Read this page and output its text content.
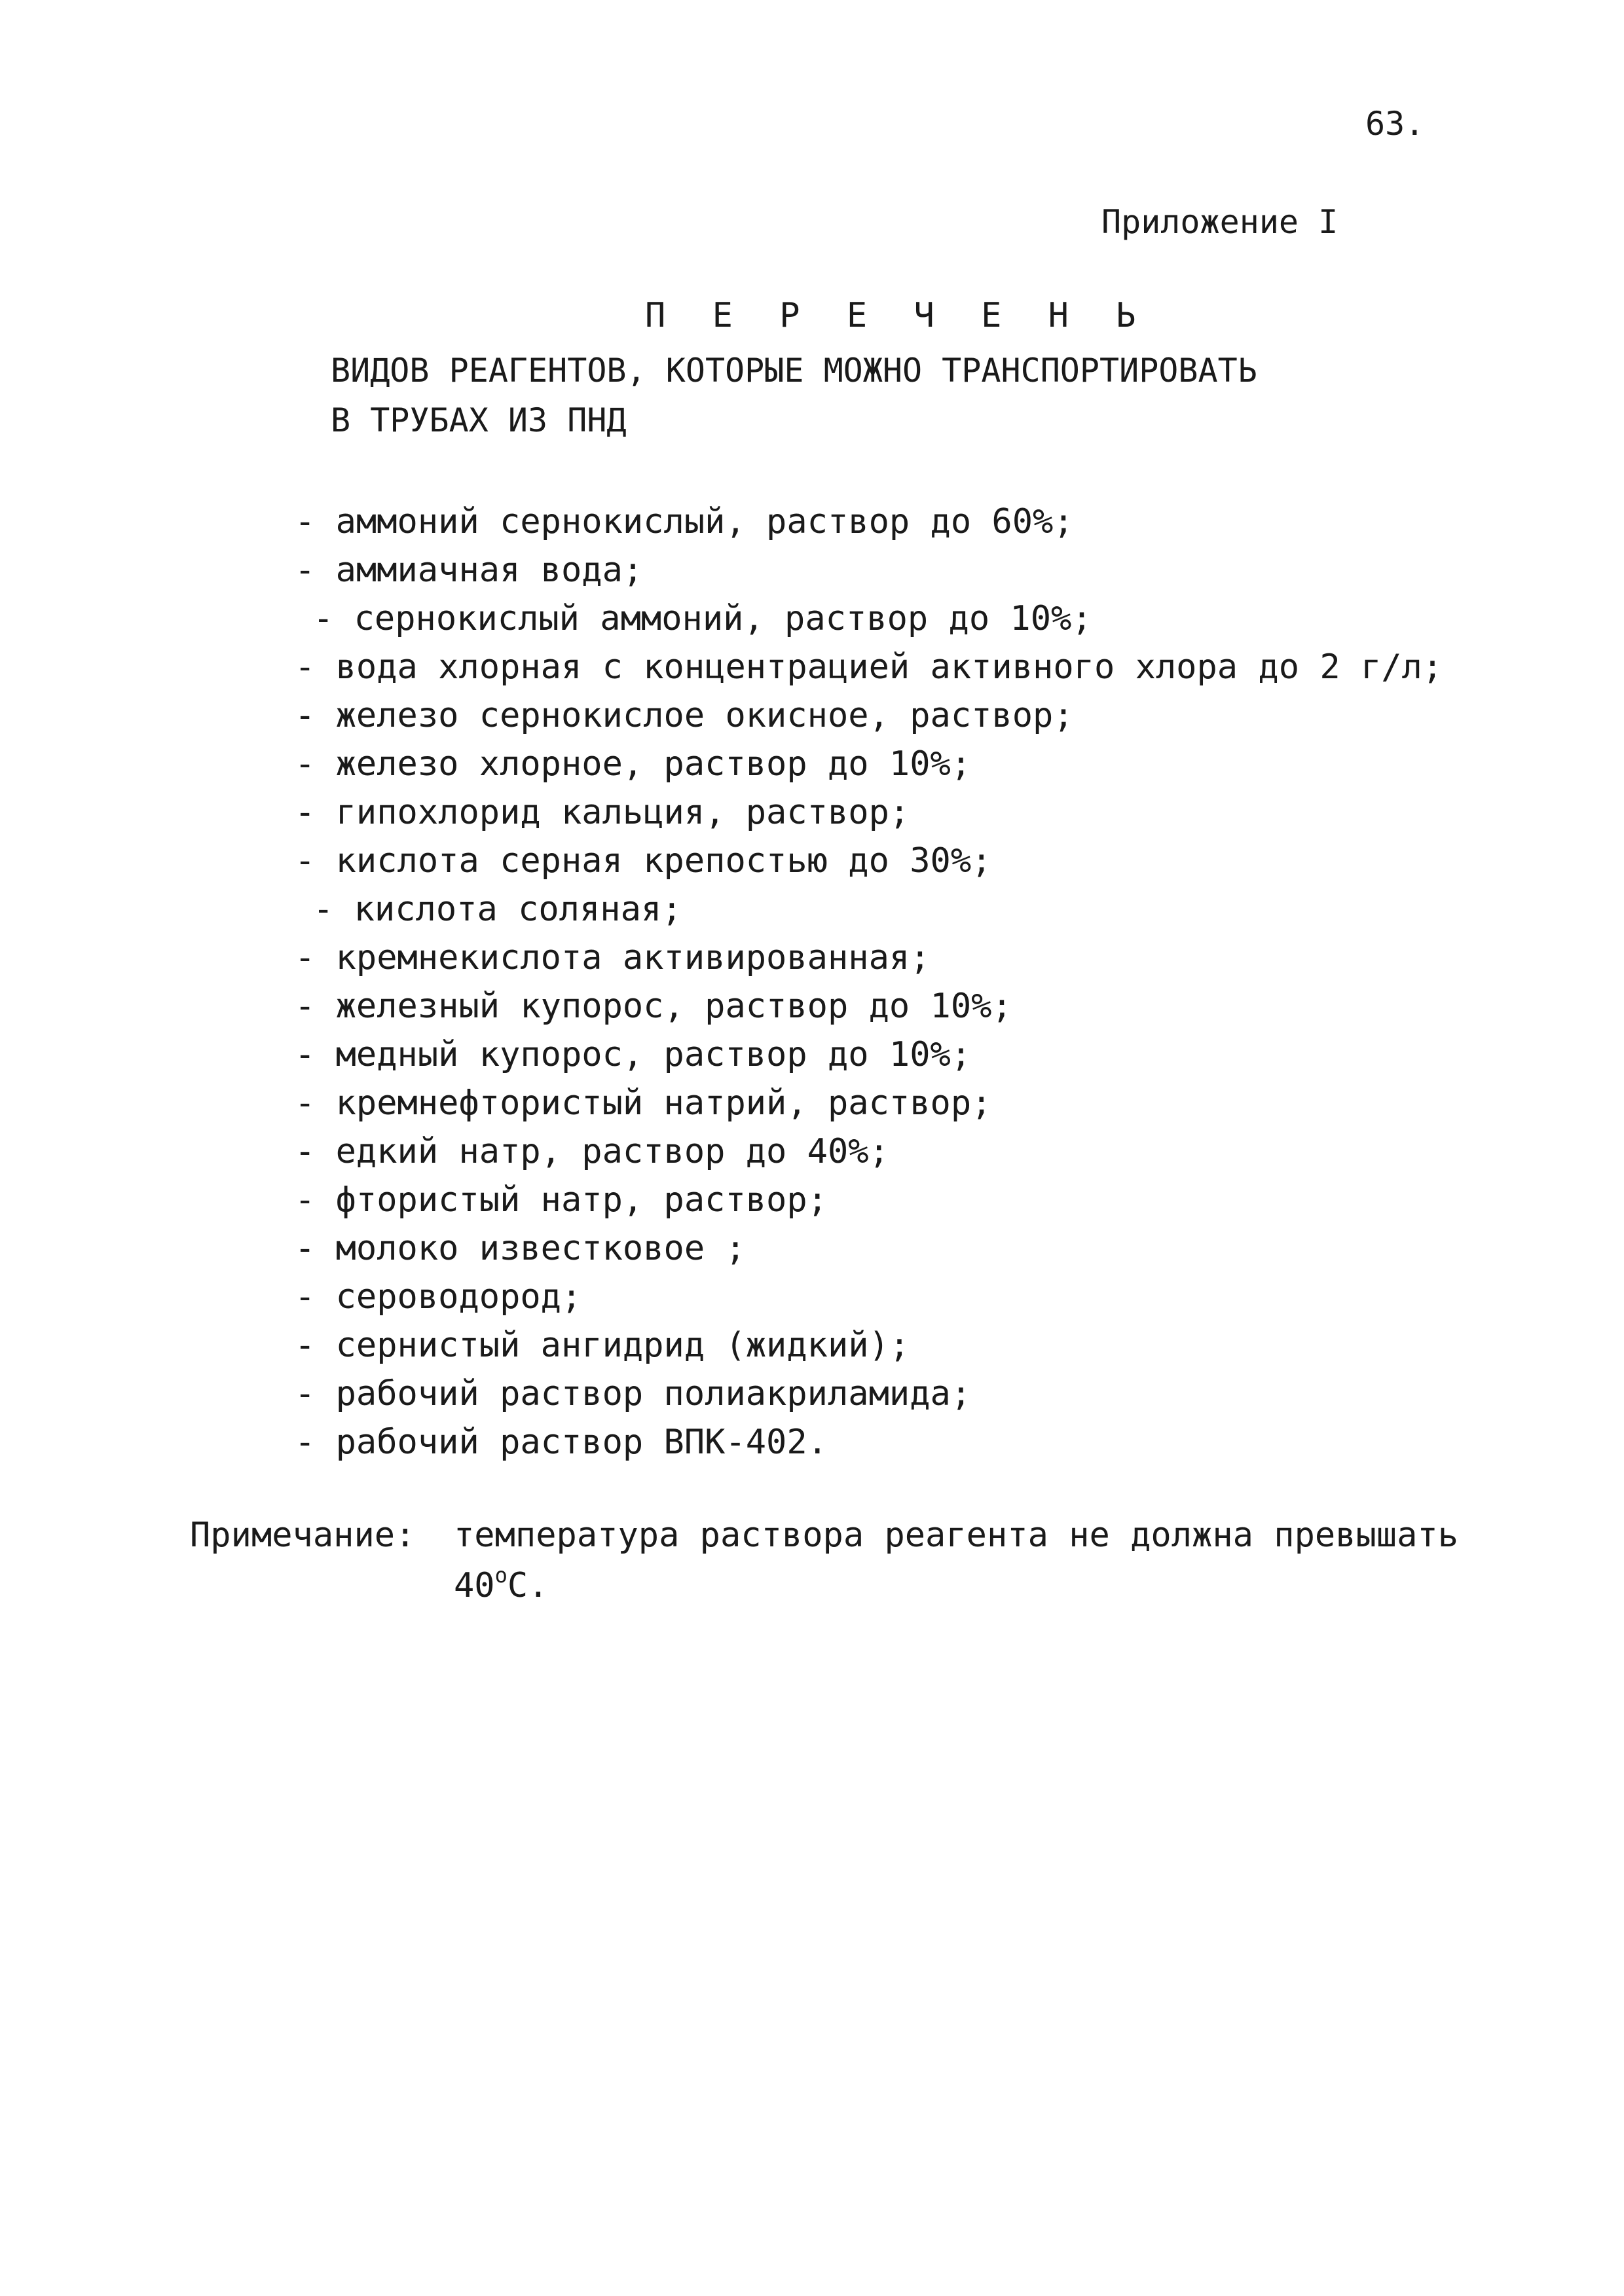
63.
Приложение I
П Е Р Е Ч Е Н Ь
ВИДОВ РЕАГЕНТОВ, КОТОРЫЕ МОЖНО ТРАНСПОРТИРОВАТЬ
В ТРУБАХ ИЗ ПНД
- аммоний сернокислый, раствор до 60%;
- аммиачная вода;
- сернокислый аммоний, раствор до 10%;
- вода хлорная с концентрацией активного хлора до 2 г/л;
- железо сернокислое окисное, раствор;
- железо хлорное, раствор до 10%;
- гипохлорид кальция, раствор;
- кислота серная крепостью до 30%;
- кислота соляная;
- кремнекислота активированная;
- железный купорос, раствор до 10%;
- медный купорос, раствор до 10%;
- кремнефтористый натрий, раствор;
- едкий натр, раствор до 40%;
- фтористый натр, раствор;
- молоко известковое ;
- сероводород;
- сернистый ангидрид (жидкий);
- рабочий раствор полиакриламида;
- рабочий раствор ВПК-402.
Примечание: температура раствора реагента не должна превышать
$40^оС$.
